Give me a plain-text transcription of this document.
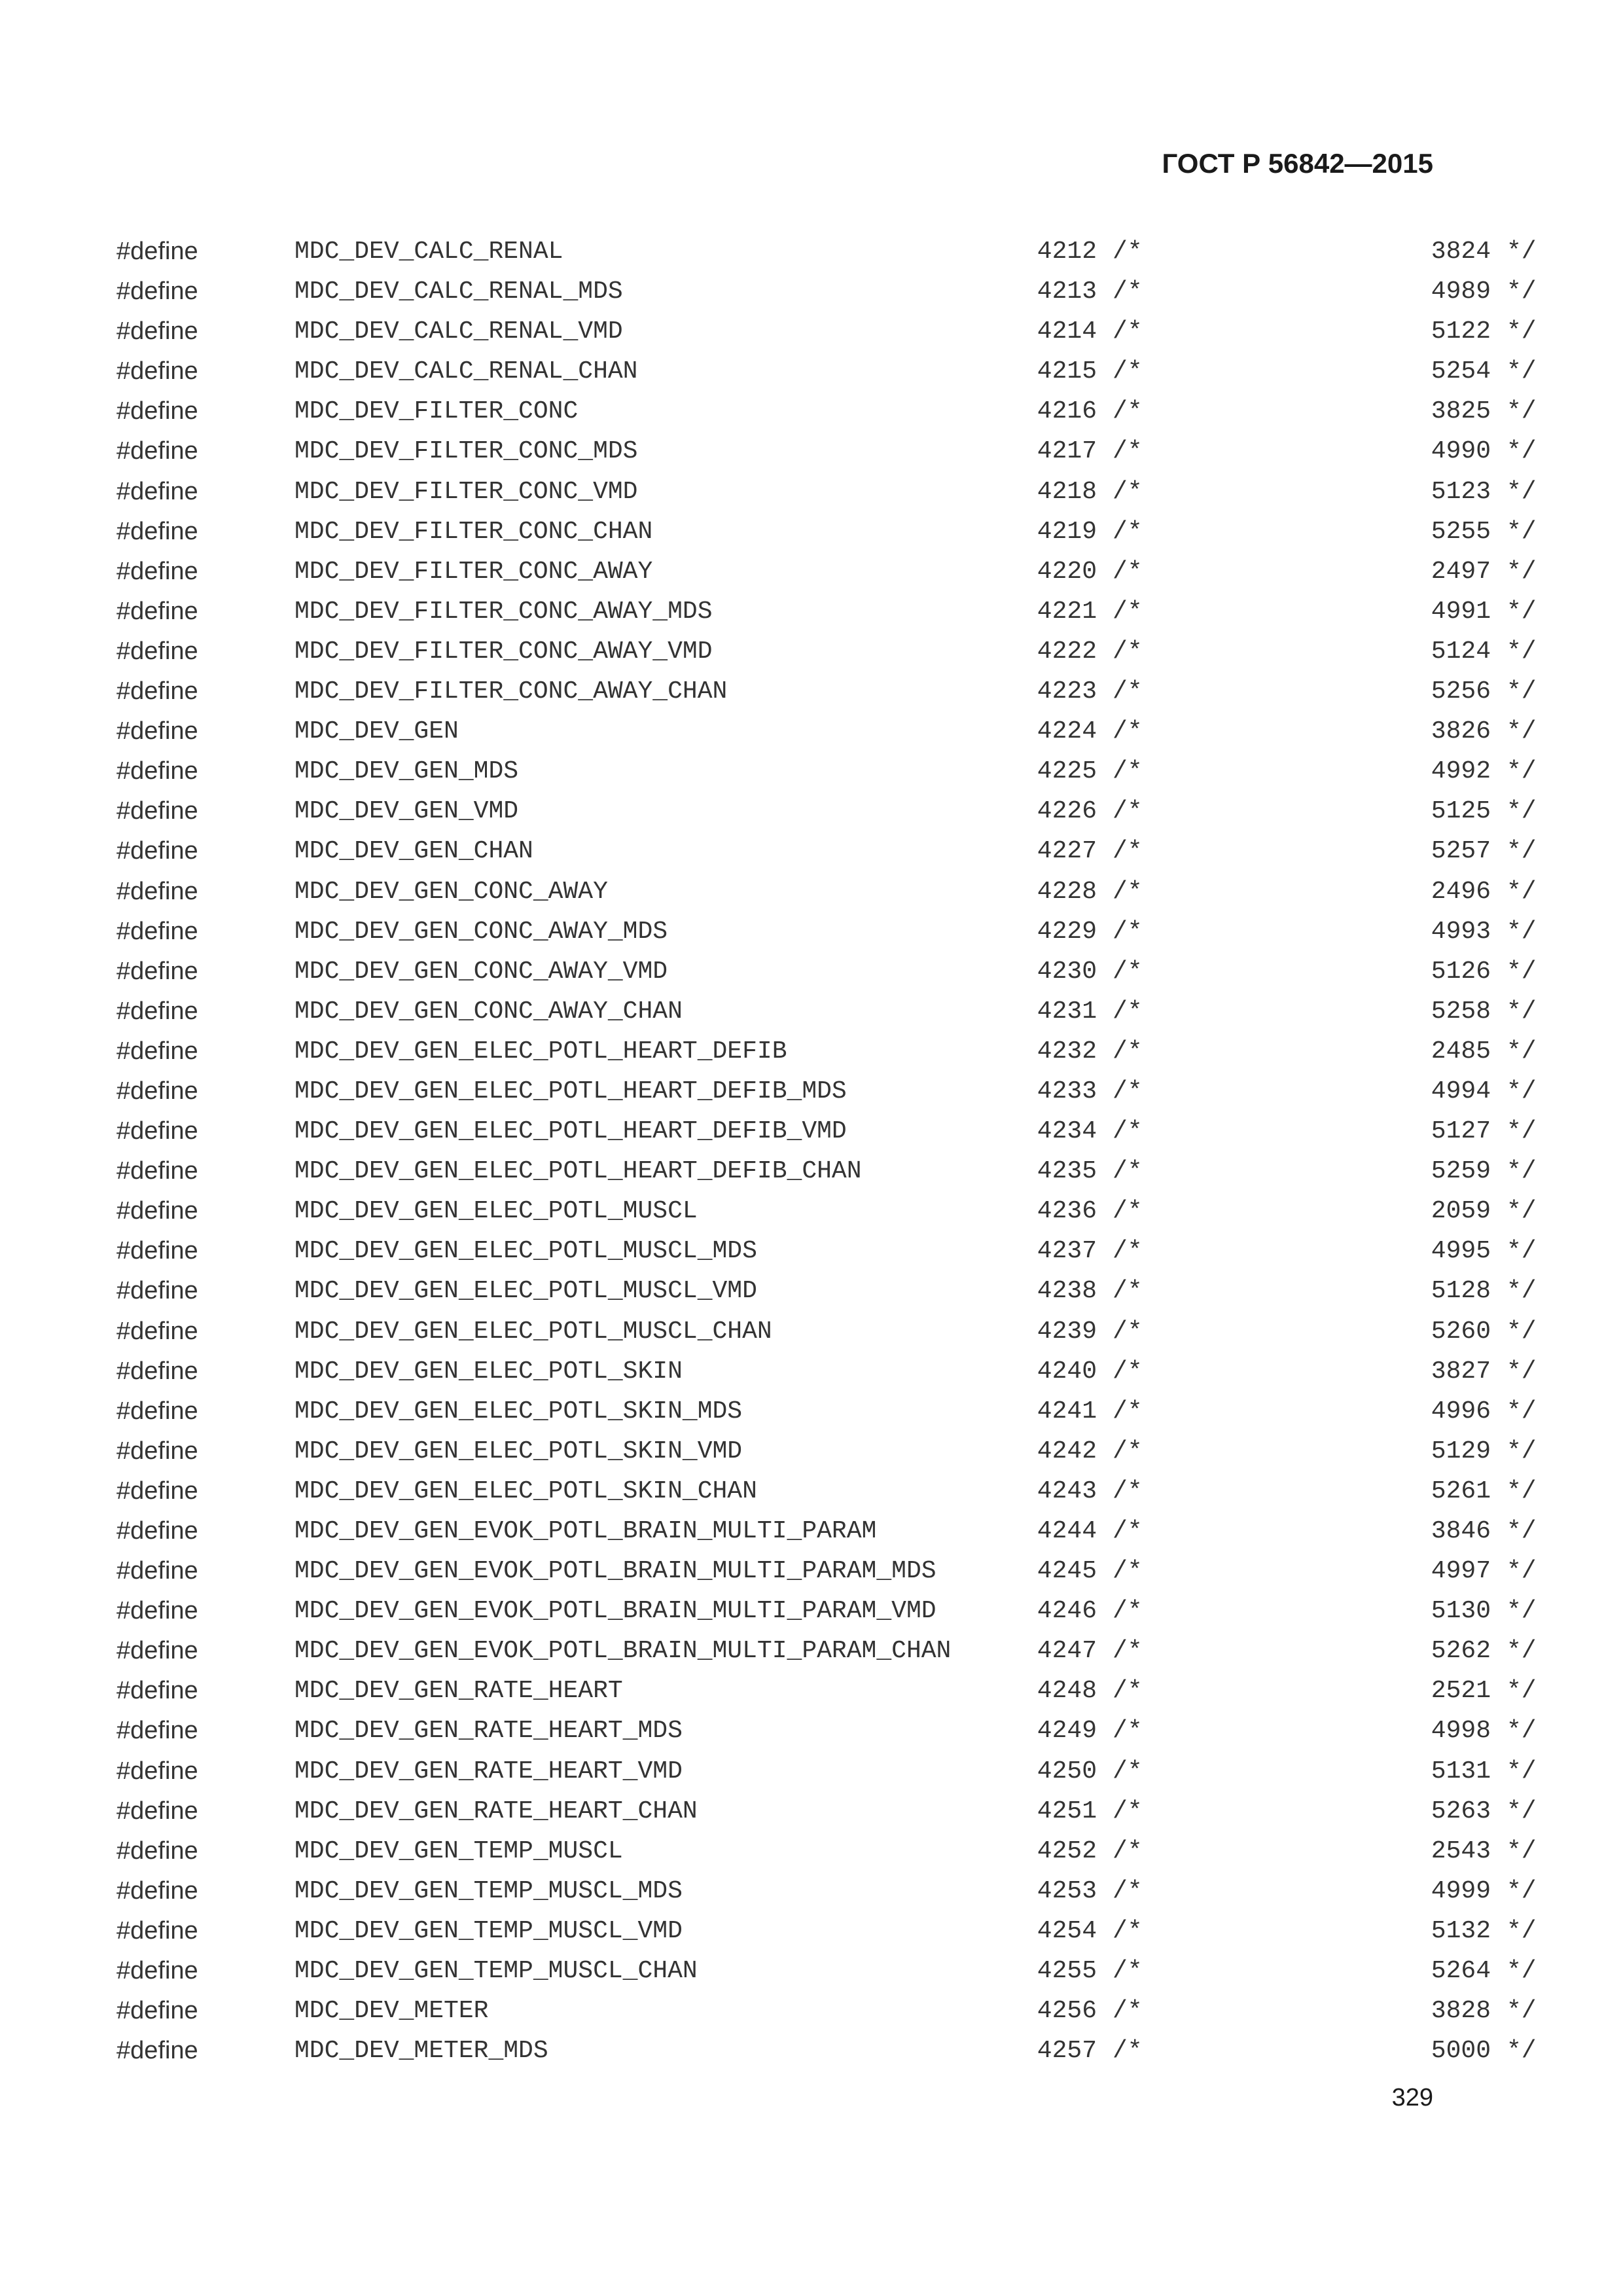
ГОСТ Р 56842—2015
#define	MDC_DEV_CALC_RENAL	4212 /*	3824 */
#define	MDC_DEV_CALC_RENAL_MDS	4213 /*	4989 */
#define	MDC_DEV_CALC_RENAL_VMD	4214 /*	5122 */
#define	MDC_DEV_CALC_RENAL_CHAN	4215 /*	5254 */
#define	MDC_DEV_FILTER_CONC	4216 /*	3825 */
#define	MDC_DEV_FILTER_CONC_MDS	4217 /*	4990 */
#define	MDC_DEV_FILTER_CONC_VMD	4218 /*	5123 */
#define	MDC_DEV_FILTER_CONC_CHAN	4219 /*	5255 */
#define	MDC_DEV_FILTER_CONC_AWAY	4220 /*	2497 */
#define	MDC_DEV_FILTER_CONC_AWAY_MDS	4221 /*	4991 */
#define	MDC_DEV_FILTER_CONC_AWAY_VMD	4222 /*	5124 */
#define	MDC_DEV_FILTER_CONC_AWAY_CHAN	4223 /*	5256 */
#define	MDC_DEV_GEN	4224 /*	3826 */
#define	MDC_DEV_GEN_MDS	4225 /*	4992 */
#define	MDC_DEV_GEN_VMD	4226 /*	5125 */
#define	MDC_DEV_GEN_CHAN	4227 /*	5257 */
#define	MDC_DEV_GEN_CONC_AWAY	4228 /*	2496 */
#define	MDC_DEV_GEN_CONC_AWAY_MDS	4229 /*	4993 */
#define	MDC_DEV_GEN_CONC_AWAY_VMD	4230 /*	5126 */
#define	MDC_DEV_GEN_CONC_AWAY_CHAN	4231 /*	5258 */
#define	MDC_DEV_GEN_ELEC_POTL_HEART_DEFIB	4232 /*	2485 */
#define	MDC_DEV_GEN_ELEC_POTL_HEART_DEFIB_MDS	4233 /*	4994 */
#define	MDC_DEV_GEN_ELEC_POTL_HEART_DEFIB_VMD	4234 /*	5127 */
#define	MDC_DEV_GEN_ELEC_POTL_HEART_DEFIB_CHAN	4235 /*	5259 */
#define	MDC_DEV_GEN_ELEC_POTL_MUSCL	4236 /*	2059 */
#define	MDC_DEV_GEN_ELEC_POTL_MUSCL_MDS	4237 /*	4995 */
#define	MDC_DEV_GEN_ELEC_POTL_MUSCL_VMD	4238 /*	5128 */
#define	MDC_DEV_GEN_ELEC_POTL_MUSCL_CHAN	4239 /*	5260 */
#define	MDC_DEV_GEN_ELEC_POTL_SKIN	4240 /*	3827 */
#define	MDC_DEV_GEN_ELEC_POTL_SKIN_MDS	4241 /*	4996 */
#define	MDC_DEV_GEN_ELEC_POTL_SKIN_VMD	4242 /*	5129 */
#define	MDC_DEV_GEN_ELEC_POTL_SKIN_CHAN	4243 /*	5261 */
#define	MDC_DEV_GEN_EVOK_POTL_BRAIN_MULTI_PARAM	4244 /*	3846 */
#define	MDC_DEV_GEN_EVOK_POTL_BRAIN_MULTI_PARAM_MDS	4245 /*	4997 */
#define	MDC_DEV_GEN_EVOK_POTL_BRAIN_MULTI_PARAM_VMD	4246 /*	5130 */
#define	MDC_DEV_GEN_EVOK_POTL_BRAIN_MULTI_PARAM_CHAN	4247 /*	5262 */
#define	MDC_DEV_GEN_RATE_HEART	4248 /*	2521 */
#define	MDC_DEV_GEN_RATE_HEART_MDS	4249 /*	4998 */
#define	MDC_DEV_GEN_RATE_HEART_VMD	4250 /*	5131 */
#define	MDC_DEV_GEN_RATE_HEART_CHAN	4251 /*	5263 */
#define	MDC_DEV_GEN_TEMP_MUSCL	4252 /*	2543 */
#define	MDC_DEV_GEN_TEMP_MUSCL_MDS	4253 /*	4999 */
#define	MDC_DEV_GEN_TEMP_MUSCL_VMD	4254 /*	5132 */
#define	MDC_DEV_GEN_TEMP_MUSCL_CHAN	4255 /*	5264 */
#define	MDC_DEV_METER	4256 /*	3828 */
#define	MDC_DEV_METER_MDS	4257 /*	5000 */
329
